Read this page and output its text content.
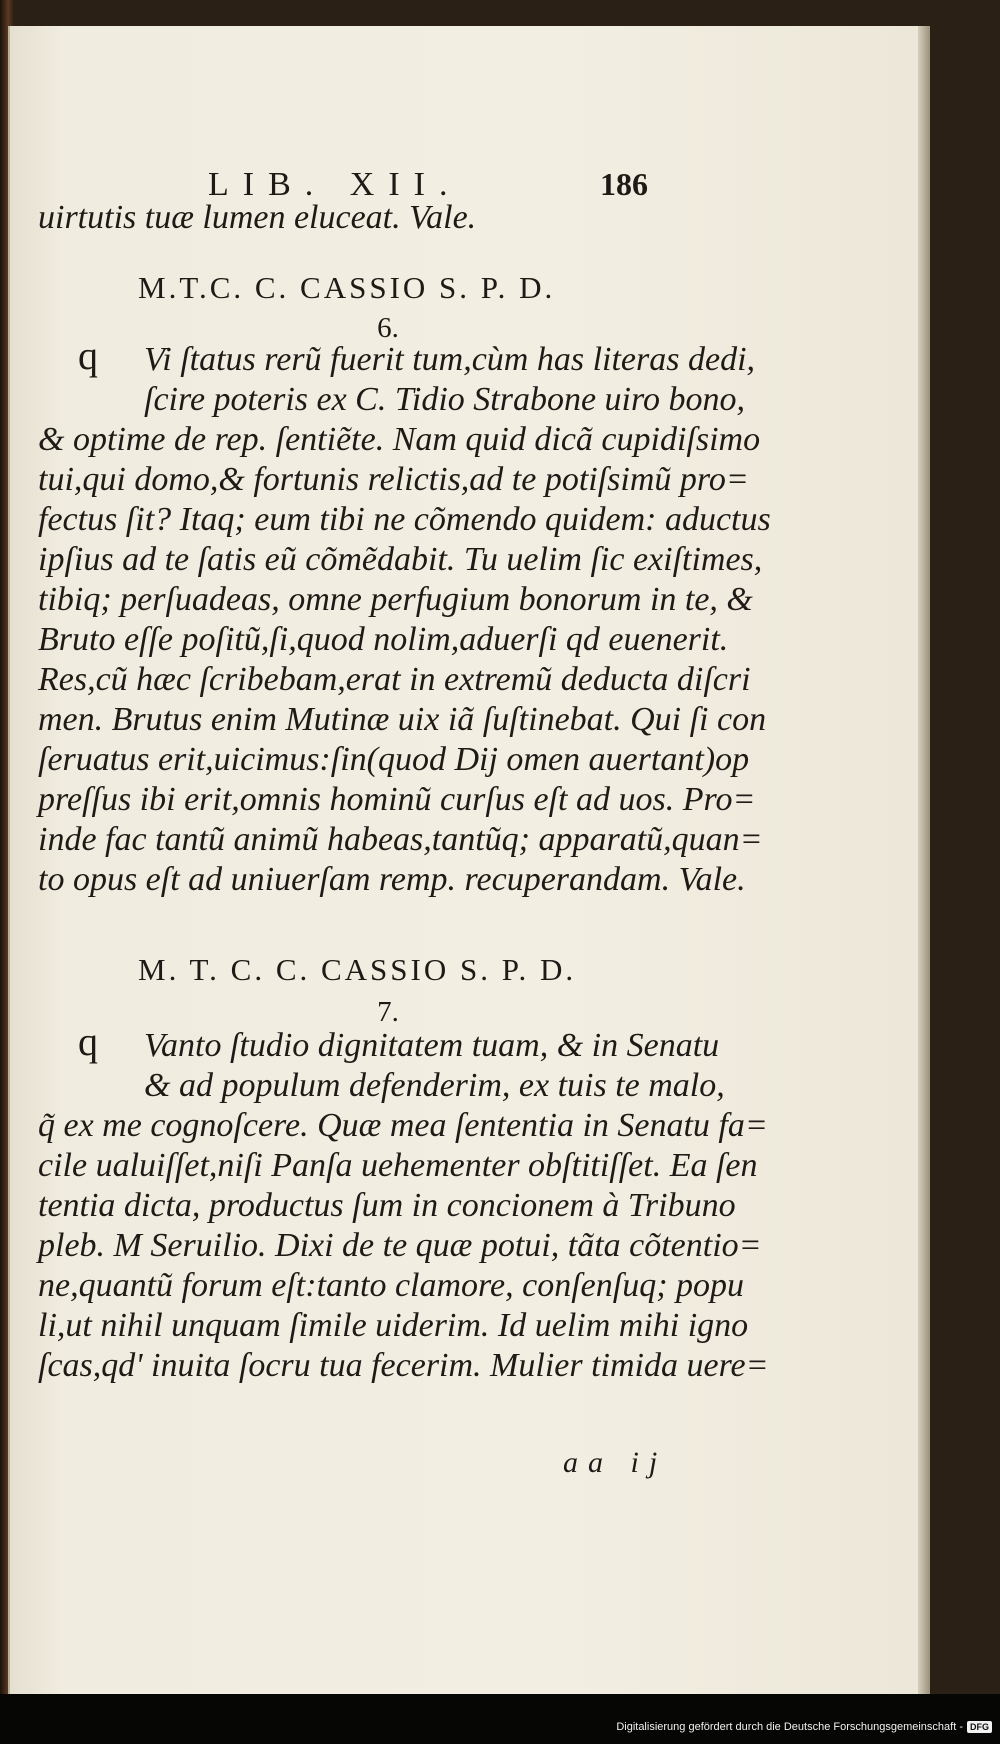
LIB. XII.	186
uirtutis tuæ lumen eluceat. Vale.
M.T.C. C. CASSIO S. P. D.
6.
q Vi ſtatus rerũ fuerit tum,cùm has literas dedi,
ſcire poteris ex C. Tidio Strabone uiro bono,
& optime de rep. ſentiẽte. Nam quid dicã cupidiſsimo
tui,qui domo,& fortunis relictis,ad te potiſsimũ pro=
fectus ſit? Itaq; eum tibi ne cõmendo quidem: aductus
ipſius ad te ſatis eũ cõmẽdabit. Tu uelim ſic exiſtimes,
tibiq; perſuadeas, omne perfugium bonorum in te, &
Bruto eſſe poſitũ,ſi,quod nolim,aduerſi qd euenerit.
Res,cũ hæc ſcribebam,erat in extremũ deducta diſcri
men. Brutus enim Mutinæ uix iã ſuſtinebat. Qui ſi con
ſeruatus erit,uicimus:ſin(quod Dij omen auertant)op
preſſus ibi erit,omnis hominũ curſus eſt ad uos. Pro=
inde fac tantũ animũ habeas,tantũq; apparatũ,quan=
to opus eſt ad uniuerſam remp. recuperandam. Vale.
M. T. C. C. CASSIO S. P. D.
7.
q Vanto ſtudio dignitatem tuam, & in Senatu
& ad populum defenderim, ex tuis te malo,
q̃ ex me cognoſcere. Quæ mea ſententia in Senatu fa=
cile ualuiſſet,niſi Panſa uehementer obſtitiſſet. Ea ſen
tentia dicta, productus ſum in concionem à Tribuno
pleb. M Seruilio. Dixi de te quæ potui, tãta cõtentio=
ne,quantũ forum eſt:tanto clamore, conſenſuq; popu
li,ut nihil unquam ſimile uiderim. Id uelim mihi igno
ſcas,qd' inuita ſocru tua fecerim. Mulier timida uere=
aa ij
Digitalisierung gefördert durch die Deutsche Forschungsgemeinschaft - DFG
